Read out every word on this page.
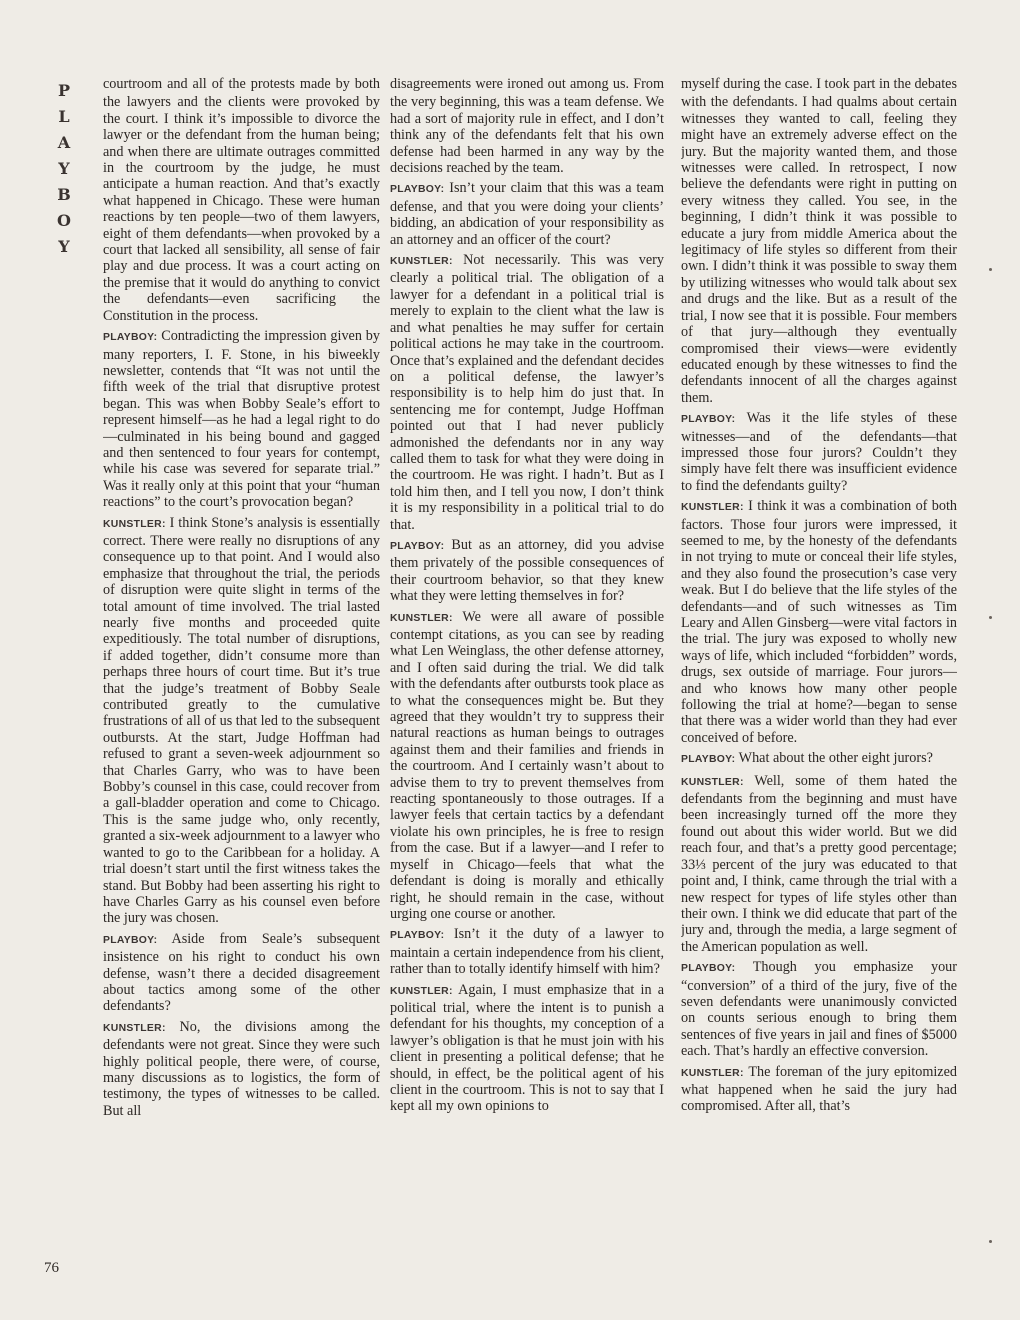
P
L
A
Y
B
O
Y

courtroom and all of the protests made by both the lawyers and the clients were provoked by the court. I think it’s impossible to divorce the lawyer or the defendant from the human being; and when there are ultimate outrages committed in the courtroom by the judge, he must anticipate a human reaction. And that’s exactly what happened in Chicago. These were human reactions by ten people—two of them lawyers, eight of them defendants—when provoked by a court that lacked all sensibility, all sense of fair play and due process. It was a court acting on the premise that it would do anything to convict the defendants—even sacrificing the Constitution in the process.

PLAYBOY: Contradicting the impression given by many reporters, I. F. Stone, in his biweekly newsletter, contends that “It was not until the fifth week of the trial that disruptive protest began. This was when Bobby Seale’s effort to represent himself—as he had a legal right to do—culminated in his being bound and gagged and then sentenced to four years for contempt, while his case was severed for separate trial.” Was it really only at this point that your “human reactions” to the court’s provocation began?

KUNSTLER: I think Stone’s analysis is essentially correct. There were really no disruptions of any consequence up to that point. And I would also emphasize that throughout the trial, the periods of disruption were quite slight in terms of the total amount of time involved. The trial lasted nearly five months and proceeded quite expeditiously. The total number of disruptions, if added together, didn’t consume more than perhaps three hours of court time. But it’s true that the judge’s treatment of Bobby Seale contributed greatly to the cumulative frustrations of all of us that led to the subsequent outbursts. At the start, Judge Hoffman had refused to grant a seven-week adjournment so that Charles Garry, who was to have been Bobby’s counsel in this case, could recover from a gall-bladder operation and come to Chicago. This is the same judge who, only recently, granted a six-week adjournment to a lawyer who wanted to go to the Caribbean for a holiday. A trial doesn’t start until the first witness takes the stand. But Bobby had been asserting his right to have Charles Garry as his counsel even before the jury was chosen.

PLAYBOY: Aside from Seale’s subsequent insistence on his right to conduct his own defense, wasn’t there a decided disagreement about tactics among some of the other defendants?

KUNSTLER: No, the divisions among the defendants were not great. Since they were such highly political people, there were, of course, many discussions as to logistics, the form of testimony, the types of witnesses to be called. But all

disagreements were ironed out among us. From the very beginning, this was a team defense. We had a sort of majority rule in effect, and I don’t think any of the defendants felt that his own defense had been harmed in any way by the decisions reached by the team.

PLAYBOY: Isn’t your claim that this was a team defense, and that you were doing your clients’ bidding, an abdication of your responsibility as an attorney and an officer of the court?

KUNSTLER: Not necessarily. This was very clearly a political trial. The obligation of a lawyer for a defendant in a political trial is merely to explain to the client what the law is and what penalties he may suffer for certain political actions he may take in the courtroom. Once that’s explained and the defendant decides on a political defense, the lawyer’s responsibility is to help him do just that. In sentencing me for contempt, Judge Hoffman pointed out that I had never publicly admonished the defendants nor in any way called them to task for what they were doing in the courtroom. He was right. I hadn’t. But as I told him then, and I tell you now, I don’t think it is my responsibility in a political trial to do that.

PLAYBOY: But as an attorney, did you advise them privately of the possible consequences of their courtroom behavior, so that they knew what they were letting themselves in for?

KUNSTLER: We were all aware of possible contempt citations, as you can see by reading what Len Weinglass, the other defense attorney, and I often said during the trial. We did talk with the defendants after outbursts took place as to what the consequences might be. But they agreed that they wouldn’t try to suppress their natural reactions as human beings to outrages against them and their families and friends in the courtroom. And I certainly wasn’t about to advise them to try to prevent themselves from reacting spontaneously to those outrages. If a lawyer feels that certain tactics by a defendant violate his own principles, he is free to resign from the case. But if a lawyer—and I refer to myself in Chicago—feels that what the defendant is doing is morally and ethically right, he should remain in the case, without urging one course or another.

PLAYBOY: Isn’t it the duty of a lawyer to maintain a certain independence from his client, rather than to totally identify himself with him?

KUNSTLER: Again, I must emphasize that in a political trial, where the intent is to punish a defendant for his thoughts, my conception of a lawyer’s obligation is that he must join with his client in presenting a political defense; that he should, in effect, be the political agent of his client in the courtroom. This is not to say that I kept all my own opinions to

myself during the case. I took part in the debates with the defendants. I had qualms about certain witnesses they wanted to call, feeling they might have an extremely adverse effect on the jury. But the majority wanted them, and those witnesses were called. In retrospect, I now believe the defendants were right in putting on every witness they called. You see, in the beginning, I didn’t think it was possible to educate a jury from middle America about the legitimacy of life styles so different from their own. I didn’t think it was possible to sway them by utilizing witnesses who would talk about sex and drugs and the like. But as a result of the trial, I now see that it is possible. Four members of that jury—although they eventually compromised their views—were evidently educated enough by these witnesses to find the defendants innocent of all the charges against them.

PLAYBOY: Was it the life styles of these witnesses—and of the defendants—that impressed those four jurors? Couldn’t they simply have felt there was insufficient evidence to find the defendants guilty?

KUNSTLER: I think it was a combination of both factors. Those four jurors were impressed, it seemed to me, by the honesty of the defendants in not trying to mute or conceal their life styles, and they also found the prosecution’s case very weak. But I do believe that the life styles of the defendants—and of such witnesses as Tim Leary and Allen Ginsberg—were vital factors in the trial. The jury was exposed to wholly new ways of life, which included “forbidden” words, drugs, sex outside of marriage. Four jurors—and who knows how many other people following the trial at home?—began to sense that there was a wider world than they had ever conceived of before.

PLAYBOY: What about the other eight jurors?

KUNSTLER: Well, some of them hated the defendants from the beginning and must have been increasingly turned off the more they found out about this wider world. But we did reach four, and that’s a pretty good percentage; 33⅓ percent of the jury was educated to that point and, I think, came through the trial with a new respect for types of life styles other than their own. I think we did educate that part of the jury and, through the media, a large segment of the American population as well.

PLAYBOY: Though you emphasize your “conversion” of a third of the jury, five of the seven defendants were unanimously convicted on counts serious enough to bring them sentences of five years in jail and fines of $5000 each. That’s hardly an effective conversion.

KUNSTLER: The foreman of the jury epitomized what happened when he said the jury had compromised. After all, that’s

76
